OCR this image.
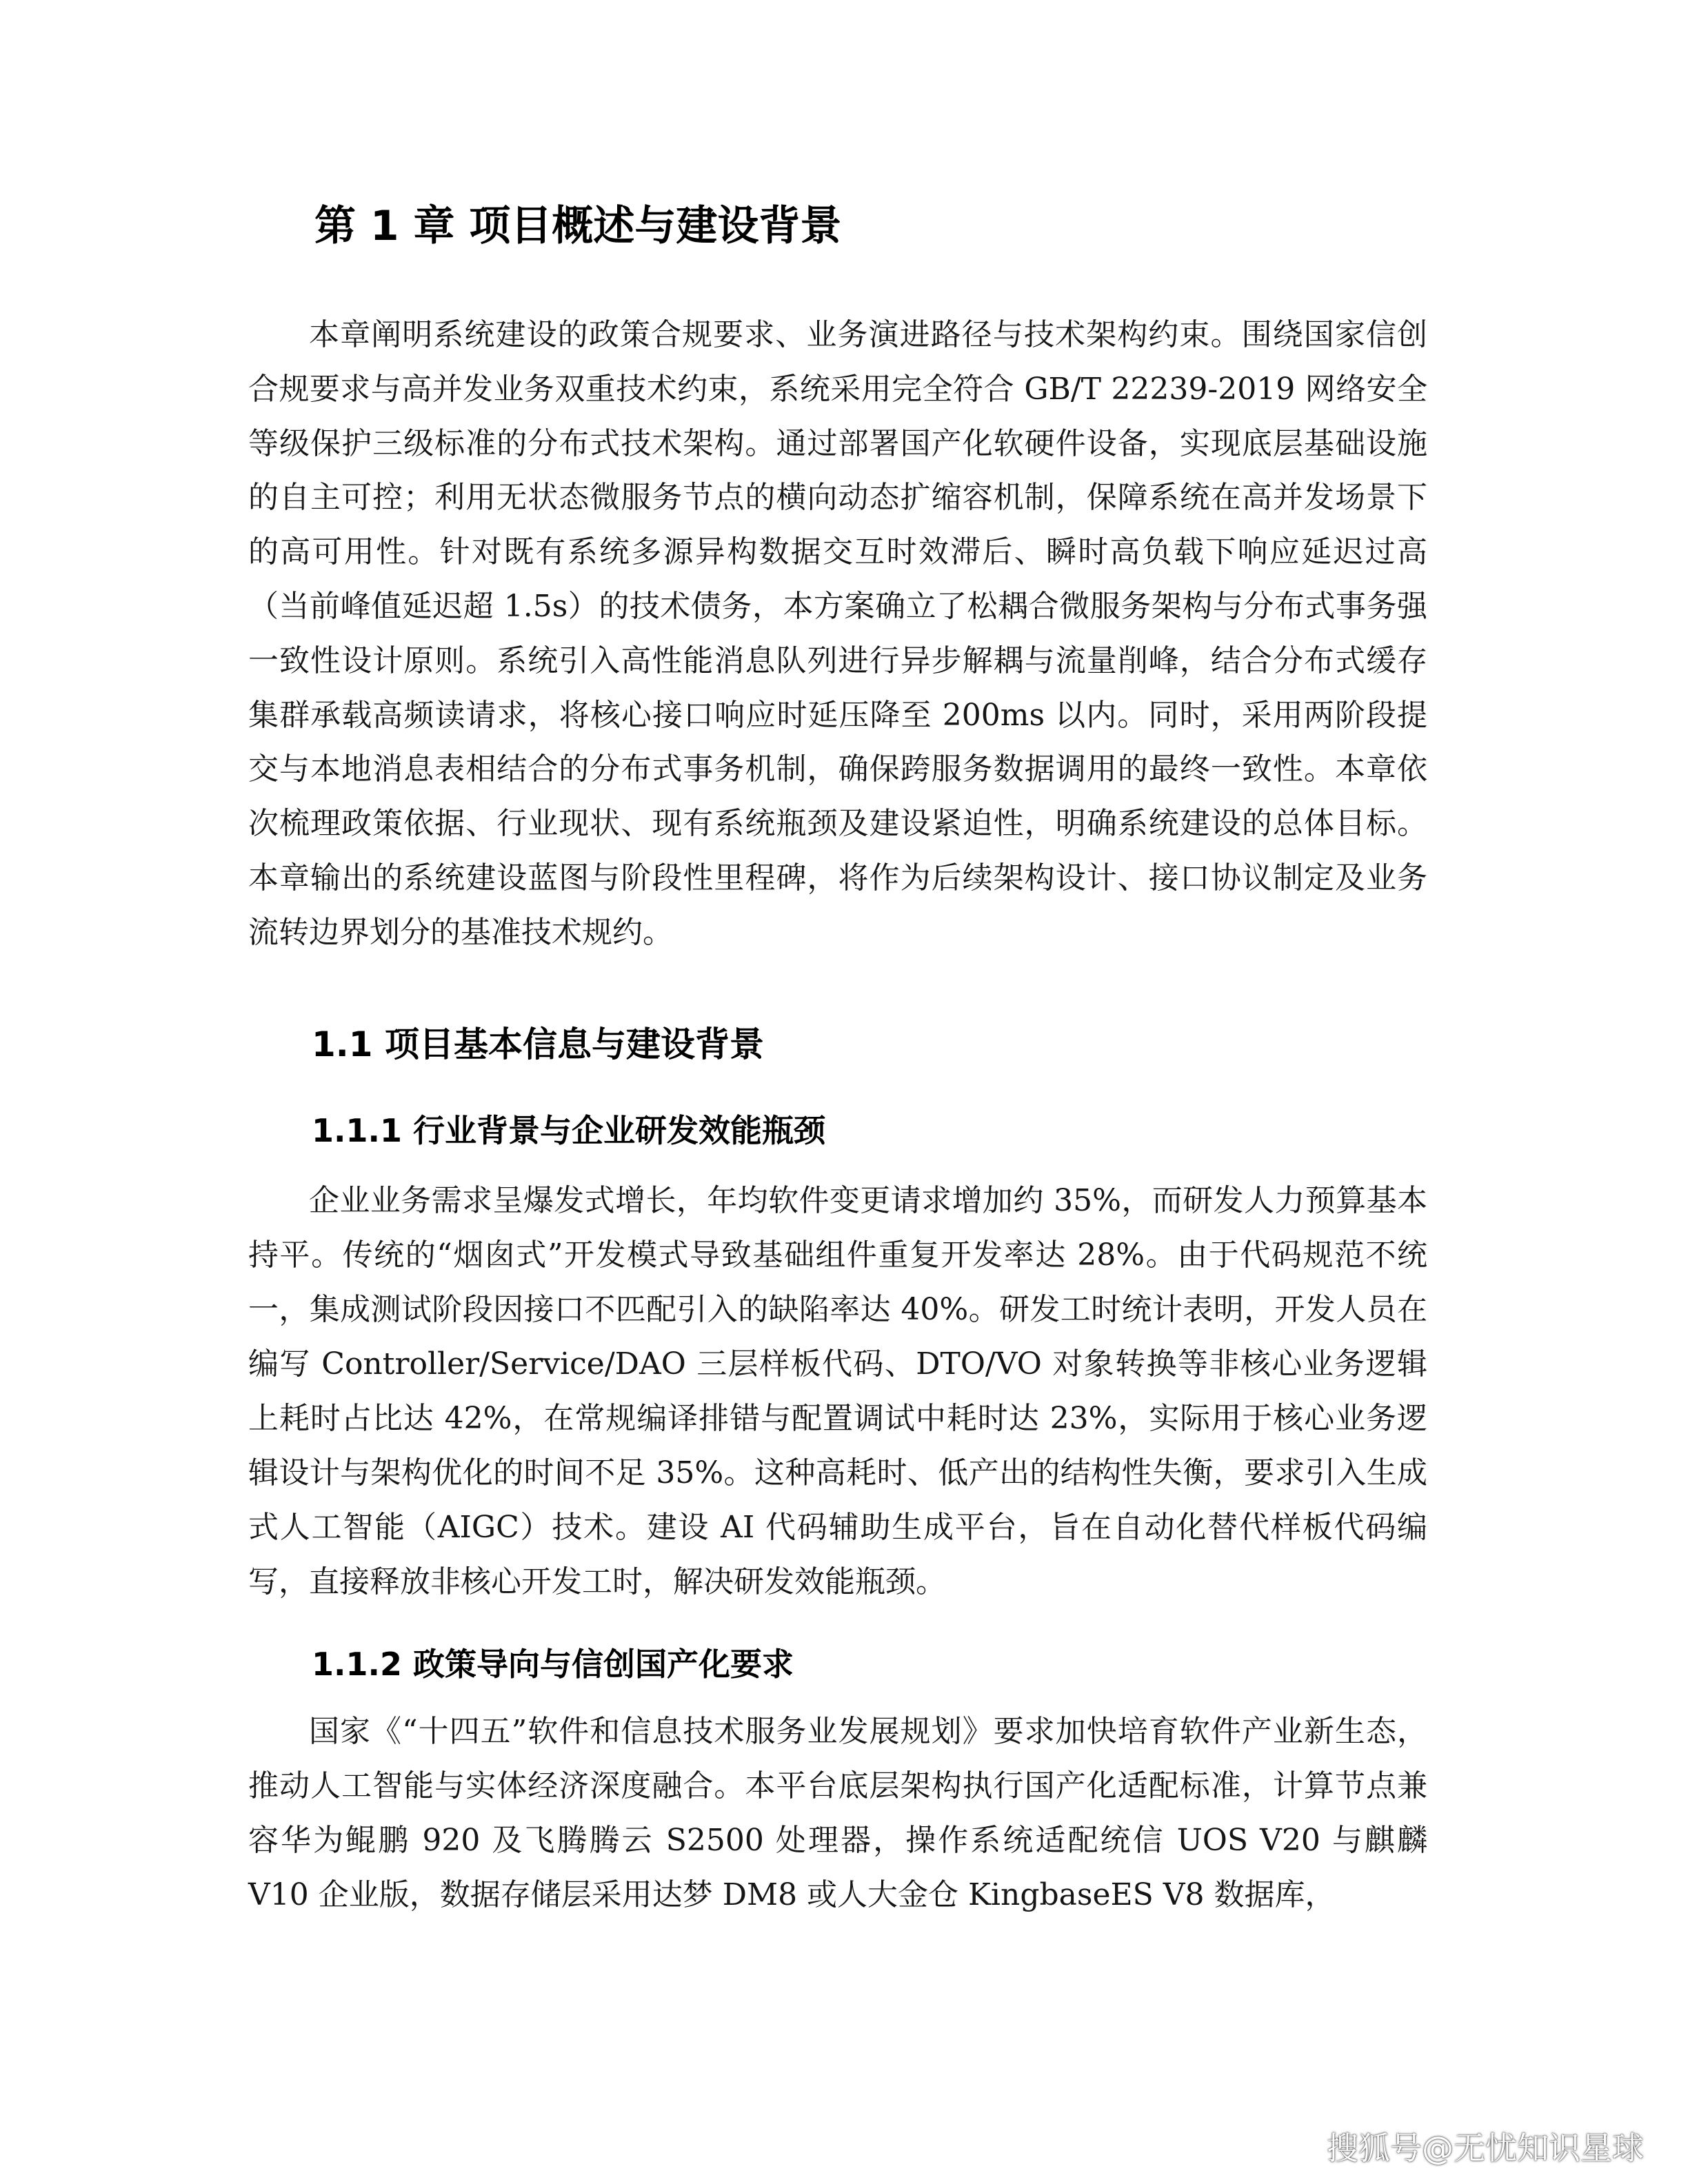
第 1 章 项目概述与建设背景

本章阐明系统建设的政策合规要求、业务演进路径与技术架构约束。围绕国家信创合规要求与高并发业务双重技术约束，系统采用完全符合 GB/T 22239-2019 网络安全等级保护三级标准的分布式技术架构。通过部署国产化软硬件设备，实现底层基础设施的自主可控；利用无状态微服务节点的横向动态扩缩容机制，保障系统在高并发场景下的高可用性。针对既有系统多源异构数据交互时效滞后、瞬时高负载下响应延迟过高（当前峰值延迟超 1.5s）的技术债务，本方案确立了松耦合微服务架构与分布式事务强一致性设计原则。系统引入高性能消息队列进行异步解耦与流量削峰，结合分布式缓存集群承载高频读请求，将核心接口响应时延压降至 200ms 以内。同时，采用两阶段提交与本地消息表相结合的分布式事务机制，确保跨服务数据调用的最终一致性。本章依次梳理政策依据、行业现状、现有系统瓶颈及建设紧迫性，明确系统建设的总体目标。本章输出的系统建设蓝图与阶段性里程碑，将作为后续架构设计、接口协议制定及业务流转边界划分的基准技术规约。

1.1 项目基本信息与建设背景
1.1.1 行业背景与企业研发效能瓶颈

企业业务需求呈爆发式增长，年均软件变更请求增加约 35%，而研发人力预算基本持平。传统的“烟囱式”开发模式导致基础组件重复开发率达 28%。由于代码规范不统一，集成测试阶段因接口不匹配引入的缺陷率达 40%。研发工时统计表明，开发人员在编写 Controller/Service/DAO 三层样板代码、DTO/VO 对象转换等非核心业务逻辑上耗时占比达 42%，在常规编译排错与配置调试中耗时达 23%，实际用于核心业务逻辑设计与架构优化的时间不足 35%。这种高耗时、低产出的结构性失衡，要求引入生成式人工智能（AIGC）技术。建设 AI 代码辅助生成平台，旨在自动化替代样板代码编写，直接释放非核心开发工时，解决研发效能瓶颈。

1.1.2 政策导向与信创国产化要求

国家《“十四五”软件和信息技术服务业发展规划》要求加快培育软件产业新生态，推动人工智能与实体经济深度融合。本平台底层架构执行国产化适配标准，计算节点兼容华为鲲鹏 920 及飞腾腾云 S2500 处理器，操作系统适配统信 UOS V20 与麒麟 V10 企业版，数据存储层采用达梦 DM8 或人大金仓 KingbaseES V8 数据库，

搜狐号@无忧知识星球
